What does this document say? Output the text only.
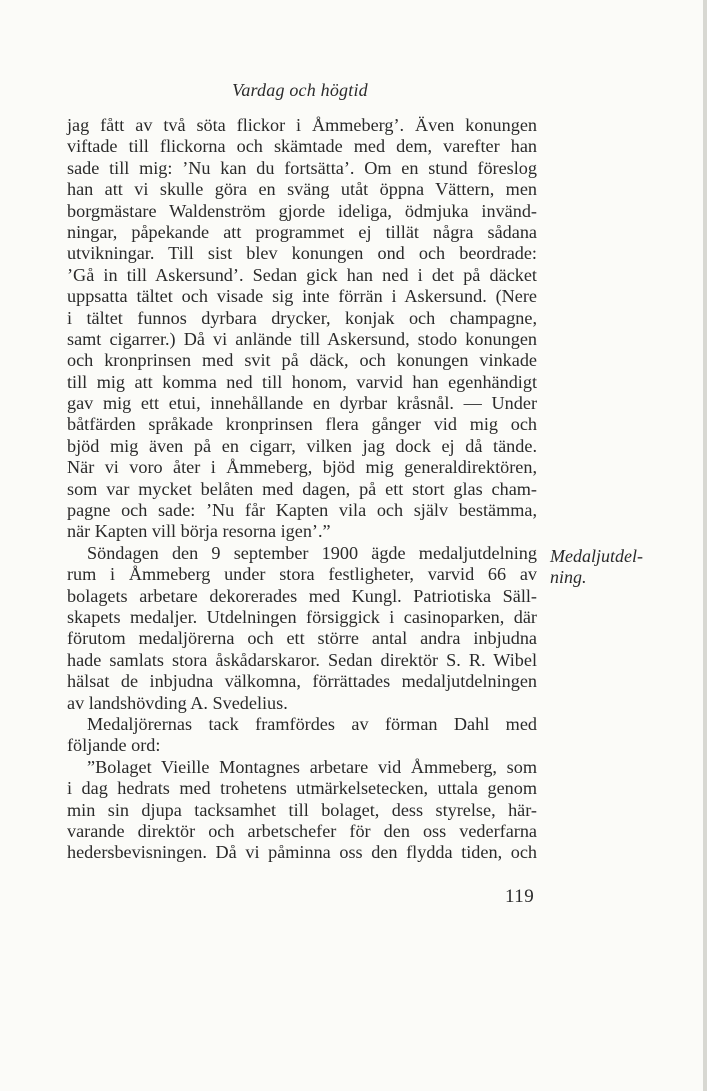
Vardag och högtid
jag fått av två söta flickor i Åmmeberg’. Även konungen
viftade till flickorna och skämtade med dem, varefter han
sade till mig: ’Nu kan du fortsätta’. Om en stund föreslog
han att vi skulle göra en sväng utåt öppna Vättern, men
borgmästare Waldenström gjorde ideliga, ödmjuka invänd-
ningar, påpekande att programmet ej tillät några sådana
utvikningar. Till sist blev konungen ond och beordrade:
’Gå in till Askersund’. Sedan gick han ned i det på däcket
uppsatta tältet och visade sig inte förrän i Askersund. (Nere
i tältet funnos dyrbara drycker, konjak och champagne,
samt cigarrer.) Då vi anlände till Askersund, stodo konungen
och kronprinsen med svit på däck, och konungen vinkade
till mig att komma ned till honom, varvid han egenhändigt
gav mig ett etui, innehållande en dyrbar kråsnål. — Under
båtfärden språkade kronprinsen flera gånger vid mig och
bjöd mig även på en cigarr, vilken jag dock ej då tände.
När vi voro åter i Åmmeberg, bjöd mig generaldirektören,
som var mycket belåten med dagen, på ett stort glas cham-
pagne och sade: ’Nu får Kapten vila och själv bestämma,
när Kapten vill börja resorna igen’.”
Söndagen den 9 september 1900 ägde medaljutdelning
rum i Åmmeberg under stora festligheter, varvid 66 av
bolagets arbetare dekorerades med Kungl. Patriotiska Säll-
skapets medaljer. Utdelningen försiggick i casinoparken, där
förutom medaljörerna och ett större antal andra inbjudna
hade samlats stora åskådarskaror. Sedan direktör S. R. Wibel
hälsat de inbjudna välkomna, förrättades medaljutdelningen
av landshövding A. Svedelius.
Medaljörernas tack framfördes av förman Dahl med
följande ord:
”Bolaget Vieille Montagnes arbetare vid Åmmeberg, som
i dag hedrats med trohetens utmärkelsetecken, uttala genom
min sin djupa tacksamhet till bolaget, dess styrelse, här-
varande direktör och arbetschefer för den oss vederfarna
hedersbevisningen. Då vi påminna oss den flydda tiden, och
Medaljutdel-
ning.
119
